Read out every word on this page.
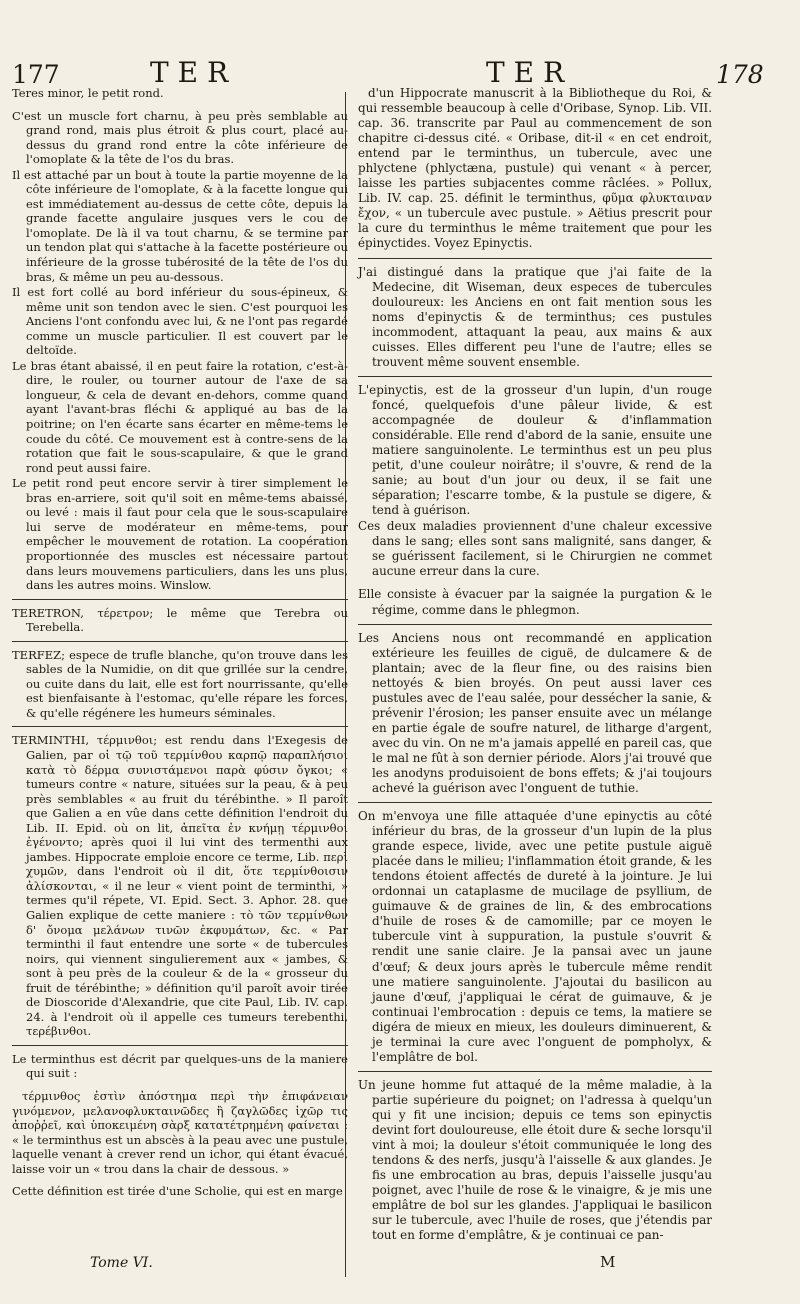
177	TER	TER	178

Teres minor, le petit rond.

C'est un muscle fort charnu, à peu près semblable au grand rond, mais plus étroit & plus court, placé au-dessus du grand rond entre la côte inférieure de l'omoplate & la tête de l'os du bras.

Il est attaché par un bout à toute la partie moyenne de la côte inférieure de l'omoplate, & à la facette longue qui est immédiatement au-dessus de cette côte, depuis la grande facette angulaire jusques vers le cou de l'omoplate. De là il va tout charnu, & se termine par un tendon plat qui s'attache à la facette postérieure ou inférieure de la grosse tubérosité de la tête de l'os du bras, & même un peu au-dessous.

Il est fort collé au bord inférieur du sous-épineux, & même unit son tendon avec le sien. C'est pourquoi les Anciens l'ont confondu avec lui, & ne l'ont pas regardé comme un muscle particulier. Il est couvert par le deltoïde.

Le bras étant abaissé, il en peut faire la rotation, c'est-à-dire, le rouler, ou tourner autour de l'axe de sa longueur, & cela de devant en-dehors, comme quand ayant l'avant-bras fléchi & appliqué au bas de la poitrine; on l'en écarte sans écarter en même-tems le coude du côté. Ce mouvement est à contre-sens de la rotation que fait le sous-scapulaire, & que le grand rond peut aussi faire.

Le petit rond peut encore servir à tirer simplement le bras en-arriere, soit qu'il soit en même-tems abaissé, ou levé : mais il faut pour cela que le sous-scapulaire lui serve de modérateur en même-tems, pour empêcher le mouvement de rotation. La coopération proportionnée des muscles est nécessaire partout dans leurs mouvemens particuliers, dans les uns plus, dans les autres moins. Winslow.

TERETRON, τέρετρον; le même que Terebra ou Terebella.

TERFEZ; espece de trufle blanche, qu'on trouve dans les sables de la Numidie, on dit que grillée sur la cendre, ou cuite dans du lait, elle est fort nourrissante, qu'elle est bienfaisante à l'estomac, qu'elle répare les forces, & qu'elle régénere les humeurs séminales.

TERMINTHI, τέρμινθοι; est rendu dans l'Exegesis de Galien, par οἱ τῷ τοῦ τερμίνθου καρπῷ παραπλήσιοι κατὰ τὸ δέρμα συνιστάμενοι παρὰ φύσιν ὄγκοι; « tumeurs contre « nature, situées sur la peau, & à peu près semblables « au fruit du térébinthe. » Il paroît que Galien a en vûe dans cette définition l'endroit du Lib. II. Epid. où on lit, ἀπεῖτα ἐν κνήμῃ τέρμινθοι ἐγένοντο; après quoi il lui vint des termenthi aux jambes. Hippocrate emploie encore ce terme, Lib. περὶ χυμῶν, dans l'endroit où il dit, ὅτε τερμίνθοισιν ἀλίσκονται, « il ne leur « vient point de terminthi, » termes qu'il répete, VI. Epid. Sect. 3. Aphor. 28. que Galien explique de cette maniere : τὸ τῶν τερμίνθων δ' ὄνομα μελάνων τινῶν ἐκφυμάτων, &c. « Par terminthi il faut entendre une sorte « de tubercules noirs, qui viennent singulierement aux « jambes, & sont à peu près de la couleur & de la « grosseur du fruit de térébinthe; » définition qu'il paroît avoir tirée de Dioscoride d'Alexandrie, que cite Paul, Lib. IV. cap. 24. à l'endroit où il appelle ces tumeurs terebenthi, τερέβινθοι.

Le terminthus est décrit par quelques-uns de la maniere qui suit :

τέρμινθος ἐστὶν ἀπόστημα περὶ τὴν ἐπιφάνειαν γινόμενον, μελανοφλυκταινῶδες ἢ ζαγλῶδες ἰχῶρ τις ἀποῤῥεῖ, καὶ ὑποκειμένη σὰρξ κατατέτρημένη φαίνεται : « le terminthus est un abscès à la peau avec une pustule, laquelle venant à crever rend un ichor, qui étant évacué, laisse voir un « trou dans la chair de dessous. »

Cette définition est tirée d'une Scholie, qui est en marge

d'un Hippocrate manuscrit à la Bibliotheque du Roi, & qui ressemble beaucoup à celle d'Oribase, Synop. Lib. VII. cap. 36. transcrite par Paul au commencement de son chapitre ci-dessus cité. « Oribase, dit-il « en cet endroit, entend par le terminthus, un tubercule, avec une phlyctene (phlyctæna, pustule) qui venant « à percer, laisse les parties subjacentes comme râclées. » Pollux, Lib. IV. cap. 25. définit le terminthus, φῦμα φλυκταιναν ἔχον, « un tubercule avec pustule. » Aëtius prescrit pour la cure du terminthus le même traitement que pour les épinyctides. Voyez Epinyctis.

J'ai distingué dans la pratique que j'ai faite de la Medecine, dit Wiseman, deux especes de tubercules douloureux: les Anciens en ont fait mention sous les noms d'epinyctis & de terminthus; ces pustules incommodent, attaquant la peau, aux mains & aux cuisses. Elles different peu l'une de l'autre; elles se trouvent même souvent ensemble.

L'epinyctis, est de la grosseur d'un lupin, d'un rouge foncé, quelquefois d'une pâleur livide, & est accompagnée de douleur & d'inflammation considérable. Elle rend d'abord de la sanie, ensuite une matiere sanguinolente. Le terminthus est un peu plus petit, d'une couleur noirâtre; il s'ouvre, & rend de la sanie; au bout d'un jour ou deux, il se fait une séparation; l'escarre tombe, & la pustule se digere, & tend à guérison.

Ces deux maladies proviennent d'une chaleur excessive dans le sang; elles sont sans malignité, sans danger, & se guérissent facilement, si le Chirurgien ne commet aucune erreur dans la cure.

Elle consiste à évacuer par la saignée la purgation & le régime, comme dans le phlegmon.

Les Anciens nous ont recommandé en application extérieure les feuilles de ciguë, de dulcamere & de plantain; avec de la fleur fine, ou des raisins bien nettoyés & bien broyés. On peut aussi laver ces pustules avec de l'eau salée, pour dessécher la sanie, & prévenir l'érosion; les panser ensuite avec un mélange en partie égale de soufre naturel, de litharge d'argent, avec du vin. On ne m'a jamais appellé en pareil cas, que le mal ne fût à son dernier période. Alors j'ai trouvé que les anodyns produisoient de bons effets; & j'ai toujours achevé la guérison avec l'onguent de tuthie.

On m'envoya une fille attaquée d'une epinyctis au côté inférieur du bras, de la grosseur d'un lupin de la plus grande espece, livide, avec une petite pustule aiguë placée dans le milieu; l'inflammation étoit grande, & les tendons étoient affectés de dureté à la jointure. Je lui ordonnai un cataplasme de mucilage de psyllium, de guimauve & de graines de lin, & des embrocations d'huile de roses & de camomille; par ce moyen le tubercule vint à suppuration, la pustule s'ouvrit & rendit une sanie claire. Je la pansai avec un jaune d'œuf; & deux jours après le tubercule même rendit une matiere sanguinolente. J'ajoutai du basilicon au jaune d'œuf, j'appliquai le cérat de guimauve, & je continuai l'embrocation : depuis ce tems, la matiere se digéra de mieux en mieux, les douleurs diminuerent, & je terminai la cure avec l'onguent de pompholyx, & l'emplâtre de bol.

Un jeune homme fut attaqué de la même maladie, à la partie supérieure du poignet; on l'adressa à quelqu'un qui y fit une incision; depuis ce tems son epinyctis devint fort douloureuse, elle étoit dure & seche lorsqu'il vint à moi; la douleur s'étoit communiquée le long des tendons & des nerfs, jusqu'à l'aisselle & aux glandes. Je fis une embrocation au bras, depuis l'aisselle jusqu'au poignet, avec l'huile de rose & le vinaigre, & je mis une emplâtre de bol sur les glandes. J'appliquai le basilicon sur le tubercule, avec l'huile de roses, que j'étendis par tout en forme d'emplâtre, & je continuai ce pan-

Tome VI.	M
